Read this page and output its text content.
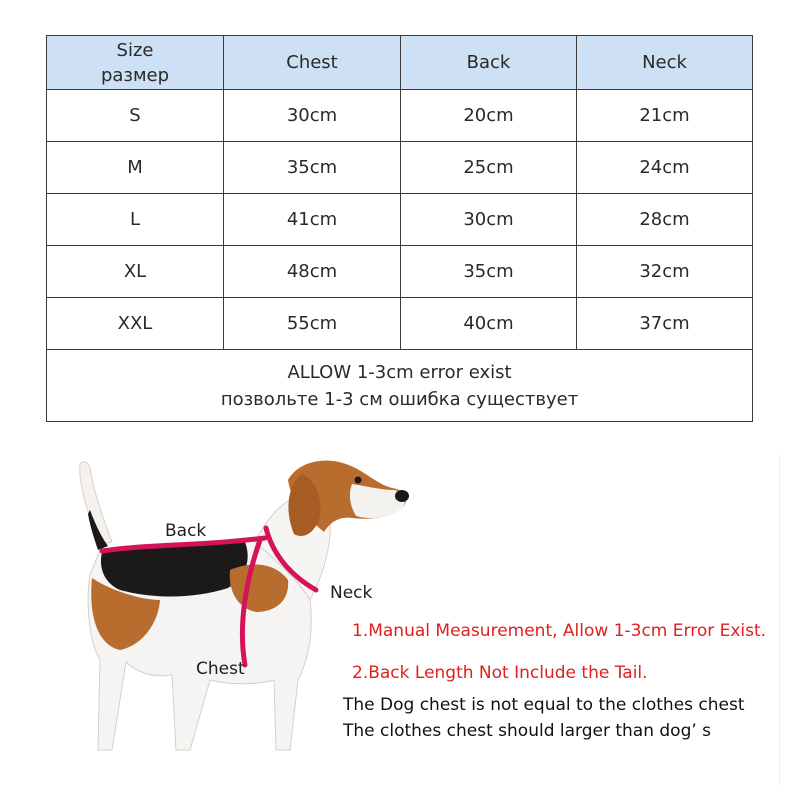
Size
размер	Chest	Back	Neck
S	30cm	20cm	21cm
M	35cm	25cm	24cm
L	41cm	30cm	28cm
XL	48cm	35cm	32cm
XXL	55cm	40cm	37cm

ALLOW 1-3cm error exist
позвольте 1-3 см ошибка существует			
Back
Neck
Chest
1.Manual Measurement, Allow 1-3cm Error Exist.
2.Back Length Not Include the Tail.
The Dog chest is not equal to the clothes chest
The clothes chest should larger than dog’ s
